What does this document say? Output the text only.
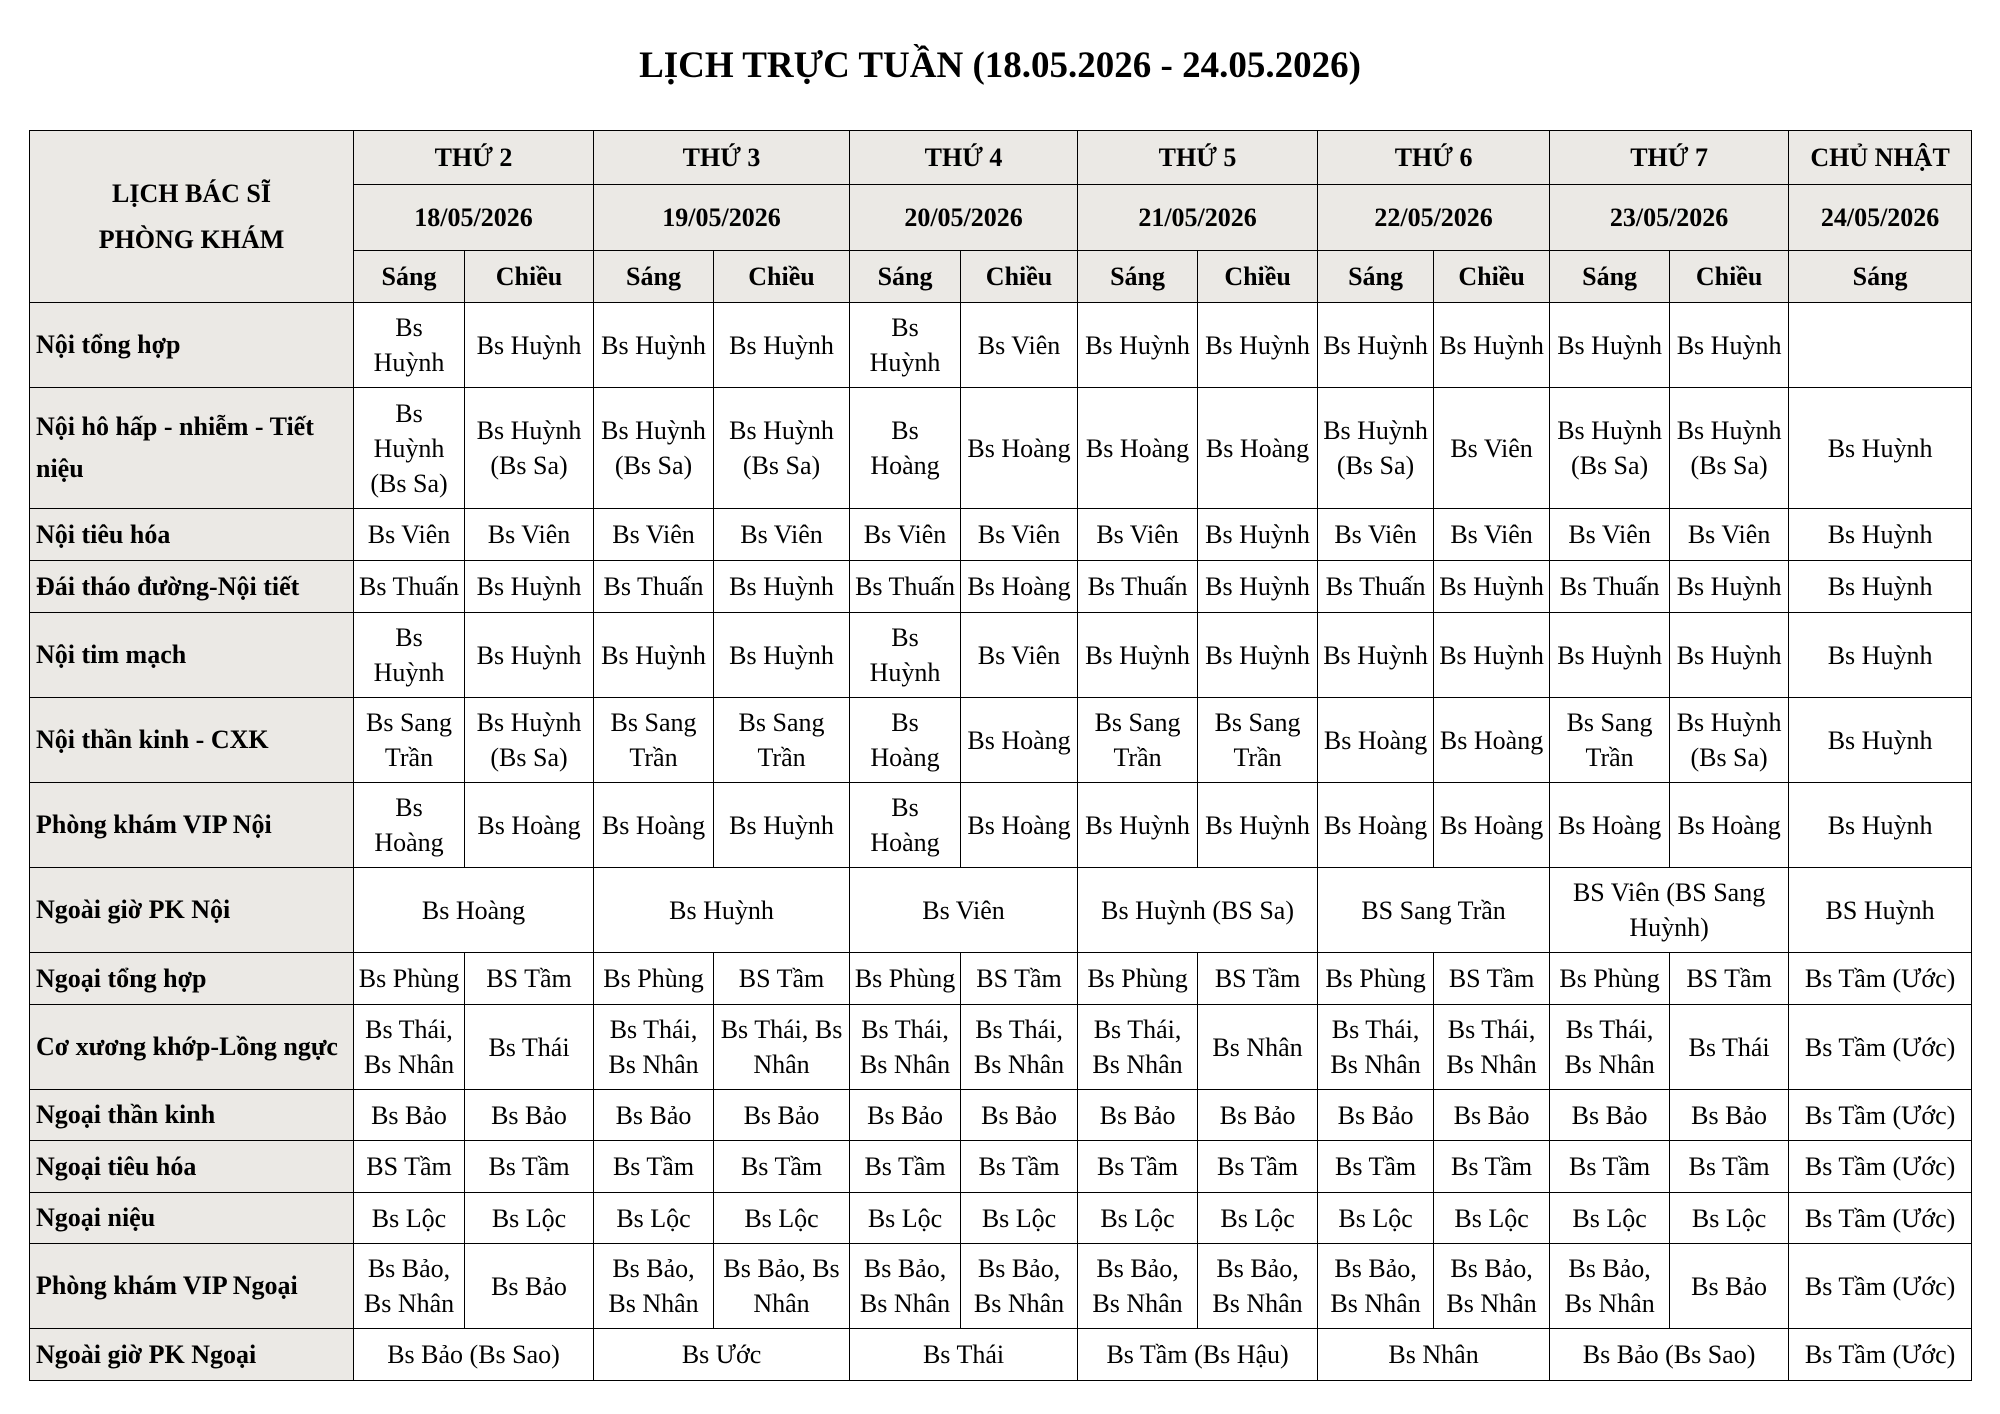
LỊCH TRỰC TUẦN (18.05.2026 - 24.05.2026)
LỊCH BÁC SĨ
PHÒNG KHÁM	THỨ 2		THỨ 3		THỨ 4		THỨ 5		THỨ 6		THỨ 7		CHỦ NHẬT
	18/05/2026		19/05/2026		20/05/2026		21/05/2026		22/05/2026		23/05/2026		24/05/2026
	Sáng	Chiều	Sáng	Chiều	Sáng	Chiều	Sáng	Chiều	Sáng	Chiều	Sáng	Chiều	Sáng
Nội tổng hợp	Bs Huỳnh	Bs Huỳnh	Bs Huỳnh	Bs Huỳnh	Bs Huỳnh	Bs Viên	Bs Huỳnh	Bs Huỳnh	Bs Huỳnh	Bs Huỳnh	Bs Huỳnh	Bs Huỳnh	
Nội hô hấp - nhiễm - Tiết niệu	Bs Huỳnh (Bs Sa)	Bs Huỳnh (Bs Sa)	Bs Huỳnh (Bs Sa)	Bs Huỳnh (Bs Sa)	Bs Hoàng	Bs Hoàng	Bs Hoàng	Bs Hoàng	Bs Huỳnh (Bs Sa)	Bs Viên	Bs Huỳnh (Bs Sa)	Bs Huỳnh (Bs Sa)	Bs Huỳnh
Nội tiêu hóa	Bs Viên	Bs Viên	Bs Viên	Bs Viên	Bs Viên	Bs Viên	Bs Viên	Bs Huỳnh	Bs Viên	Bs Viên	Bs Viên	Bs Viên	Bs Huỳnh
Đái tháo đường-Nội tiết	Bs Thuấn	Bs Huỳnh	Bs Thuấn	Bs Huỳnh	Bs Thuấn	Bs Hoàng	Bs Thuấn	Bs Huỳnh	Bs Thuấn	Bs Huỳnh	Bs Thuấn	Bs Huỳnh	Bs Huỳnh
Nội tim mạch	Bs Huỳnh	Bs Huỳnh	Bs Huỳnh	Bs Huỳnh	Bs Huỳnh	Bs Viên	Bs Huỳnh	Bs Huỳnh	Bs Huỳnh	Bs Huỳnh	Bs Huỳnh	Bs Huỳnh	Bs Huỳnh
Nội thần kinh - CXK	Bs Sang Trần	Bs Huỳnh (Bs Sa)	Bs Sang Trần	Bs Sang Trần	Bs Hoàng	Bs Hoàng	Bs Sang Trần	Bs Sang Trần	Bs Hoàng	Bs Hoàng	Bs Sang Trần	Bs Huỳnh (Bs Sa)	Bs Huỳnh
Phòng khám VIP Nội	Bs Hoàng	Bs Hoàng	Bs Hoàng	Bs Huỳnh	Bs Hoàng	Bs Hoàng	Bs Huỳnh	Bs Huỳnh	Bs Hoàng	Bs Hoàng	Bs Hoàng	Bs Hoàng	Bs Huỳnh
Ngoài giờ PK Nội	Bs Hoàng		Bs Huỳnh		Bs Viên		Bs Huỳnh (BS Sa)		BS Sang Trần		BS Viên (BS Sang Huỳnh)		BS Huỳnh
Ngoại tổng hợp	Bs Phùng	BS Tầm	Bs Phùng	BS Tầm	Bs Phùng	BS Tầm	Bs Phùng	BS Tầm	Bs Phùng	BS Tầm	Bs Phùng	BS Tầm	Bs Tầm (Ước)
Cơ xương khớp-Lồng ngực	Bs Thái, Bs Nhân	Bs Thái	Bs Thái, Bs Nhân	Bs Thái, Bs Nhân	Bs Thái, Bs Nhân	Bs Thái, Bs Nhân	Bs Thái, Bs Nhân	Bs Nhân	Bs Thái, Bs Nhân	Bs Thái, Bs Nhân	Bs Thái, Bs Nhân	Bs Thái	Bs Tầm (Ước)
Ngoại thần kinh	Bs Bảo	Bs Bảo	Bs Bảo	Bs Bảo	Bs Bảo	Bs Bảo	Bs Bảo	Bs Bảo	Bs Bảo	Bs Bảo	Bs Bảo	Bs Bảo	Bs Tầm (Ước)
Ngoại tiêu hóa	BS Tầm	Bs Tầm	Bs Tầm	Bs Tầm	Bs Tầm	Bs Tầm	Bs Tầm	Bs Tầm	Bs Tầm	Bs Tầm	Bs Tầm	Bs Tầm	Bs Tầm (Ước)
Ngoại niệu	Bs Lộc	Bs Lộc	Bs Lộc	Bs Lộc	Bs Lộc	Bs Lộc	Bs Lộc	Bs Lộc	Bs Lộc	Bs Lộc	Bs Lộc	Bs Lộc	Bs Tầm (Ước)
Phòng khám VIP Ngoại	Bs Bảo, Bs Nhân	Bs Bảo	Bs Bảo, Bs Nhân	Bs Bảo, Bs Nhân	Bs Bảo, Bs Nhân	Bs Bảo, Bs Nhân	Bs Bảo, Bs Nhân	Bs Bảo, Bs Nhân	Bs Bảo, Bs Nhân	Bs Bảo, Bs Nhân	Bs Bảo, Bs Nhân	Bs Bảo	Bs Tầm (Ước)
Ngoài giờ PK Ngoại	Bs Bảo (Bs Sao)		Bs Ước		Bs Thái		Bs Tầm (Bs Hậu)		Bs Nhân		Bs Bảo (Bs Sao)		Bs Tầm (Ước)
